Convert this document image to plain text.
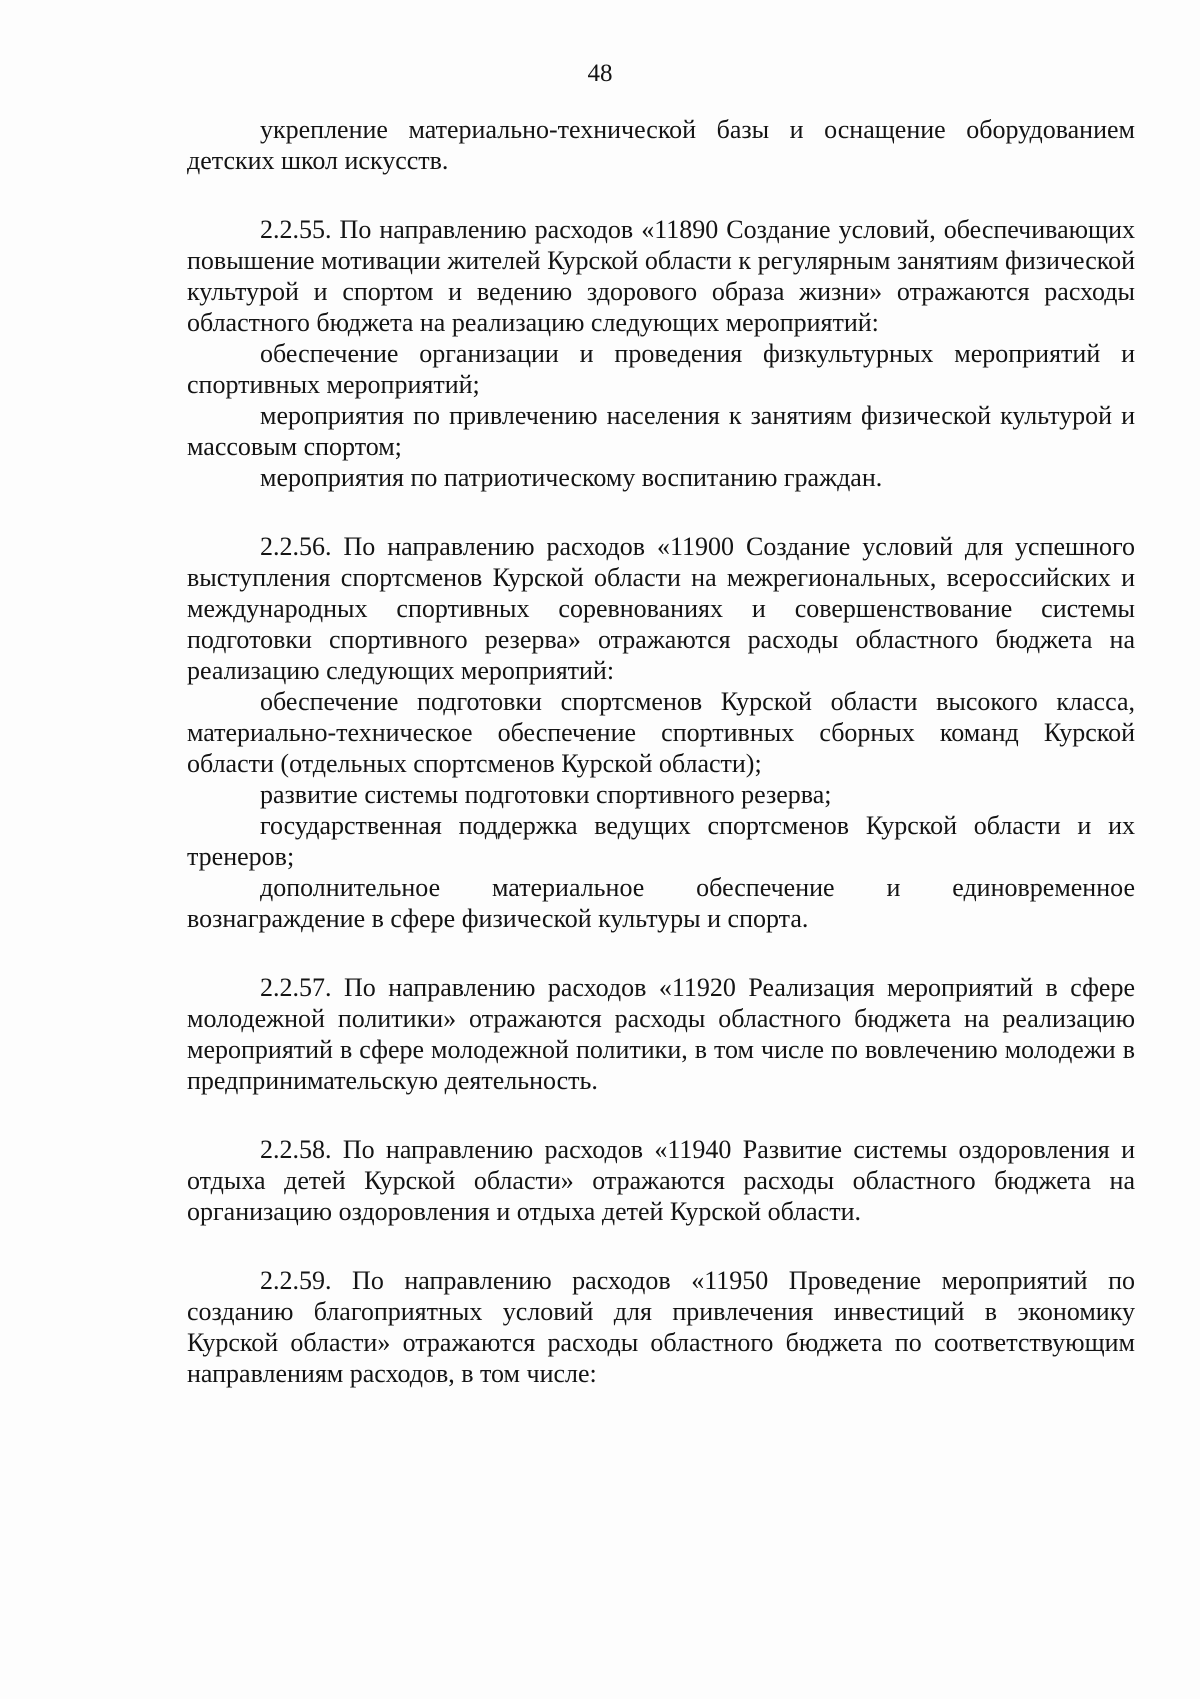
48

укрепление материально-технической базы и оснащение оборудованием детских школ искусств.

2.2.55. По направлению расходов «11890 Создание условий, обеспечивающих повышение мотивации жителей Курской области к регулярным занятиям физической культурой и спортом и ведению здорового образа жизни» отражаются расходы областного бюджета на реализацию следующих мероприятий:

обеспечение организации и проведения физкультурных мероприятий и спортивных мероприятий;

мероприятия по привлечению населения к занятиям физической культурой и массовым спортом;

мероприятия по патриотическому воспитанию граждан.

2.2.56. По направлению расходов «11900 Создание условий для успешного выступления спортсменов Курской области на межрегиональных, всероссийских и международных спортивных соревнованиях и совершенствование системы подготовки спортивного резерва» отражаются расходы областного бюджета на реализацию следующих мероприятий:

обеспечение подготовки спортсменов Курской области высокого класса, материально-техническое обеспечение спортивных сборных команд Курской области (отдельных спортсменов Курской области);

развитие системы подготовки спортивного резерва;

государственная поддержка ведущих спортсменов Курской области и их тренеров;

дополнительное материальное обеспечение и единовременное вознаграждение в сфере физической культуры и спорта.

2.2.57. По направлению расходов «11920 Реализация мероприятий в сфере молодежной политики» отражаются расходы областного бюджета на реализацию мероприятий в сфере молодежной политики, в том числе по вовлечению молодежи в предпринимательскую деятельность.

2.2.58. По направлению расходов «11940 Развитие системы оздоровления и отдыха детей Курской области» отражаются расходы областного бюджета на организацию оздоровления и отдыха детей Курской области.

2.2.59. По направлению расходов «11950 Проведение мероприятий по созданию благоприятных условий для привлечения инвестиций в экономику Курской области» отражаются расходы областного бюджета по соответствующим направлениям расходов, в том числе:
